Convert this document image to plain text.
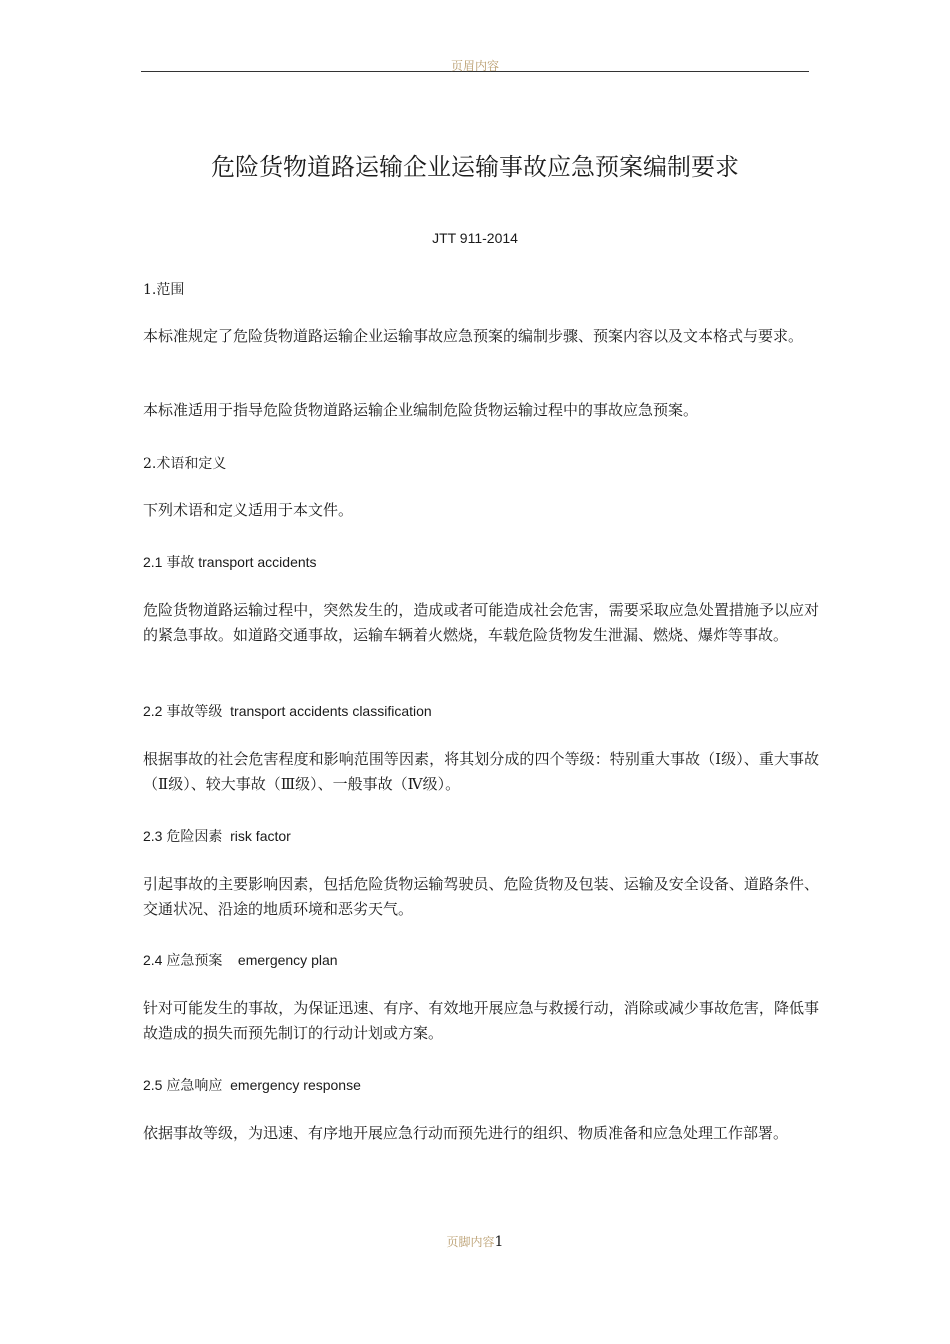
页眉内容
危险货物道路运输企业运输事故应急预案编制要求
JTT 911-2014
1.范围
本标准规定了危险货物道路运输企业运输事故应急预案的编制步骤、预案内容以及文本格式与要求。
本标准适用于指导危险货物道路运输企业编制危险货物运输过程中的事故应急预案。
2.术语和定义
下列术语和定义适用于本文件。
2.1 事故 transport accidents
危险货物道路运输过程中，突然发生的，造成或者可能造成社会危害，需要采取应急处置措施予以应对的紧急事故。如道路交通事故，运输车辆着火燃烧，车载危险货物发生泄漏、燃烧、爆炸等事故。
2.2 事故等级 transport accidents classification
根据事故的社会危害程度和影响范围等因素，将其划分成的四个等级：特别重大事故（Ⅰ级）、重大事故（Ⅱ级）、较大事故（Ⅲ级）、一般事故（Ⅳ级）。
2.3 危险因素 risk factor
引起事故的主要影响因素，包括危险货物运输驾驶员、危险货物及包装、运输及安全设备、道路条件、交通状况、沿途的地质环境和恶劣天气。
2.4 应急预案 emergency plan
针对可能发生的事故，为保证迅速、有序、有效地开展应急与救援行动，消除或减少事故危害，降低事故造成的损失而预先制订的行动计划或方案。
2.5 应急响应 emergency response
依据事故等级，为迅速、有序地开展应急行动而预先进行的组织、物质准备和应急处理工作部署。
页脚内容1
